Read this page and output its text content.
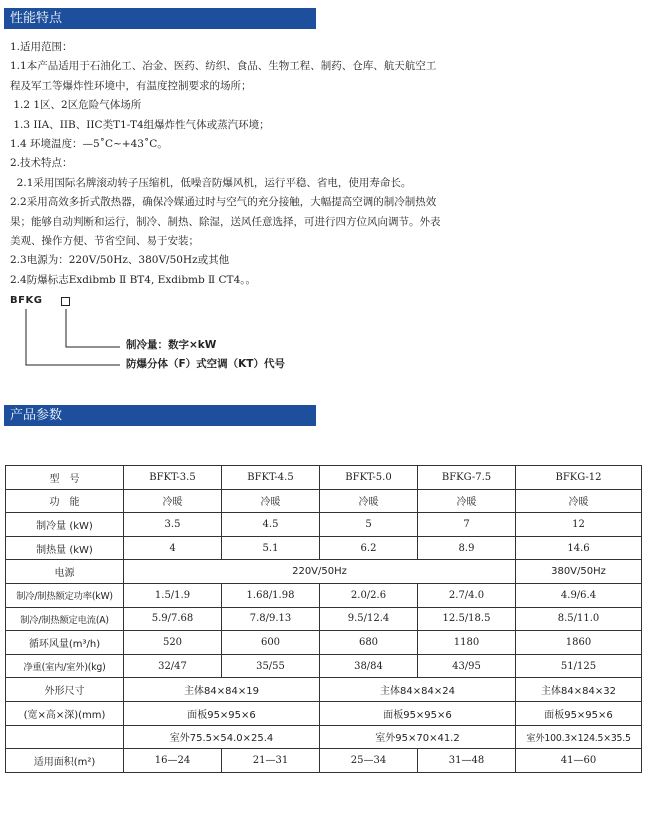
性能特点

1.适用范围：

1.1本产品适用于石油化工、冶金、医药、纺织、食品、生物工程、制药、仓库、航天航空工

程及军工等爆炸性环境中，有温度控制要求的场所；

1.2 1区、2区危险气体场所

1.3 IIA、IIB、IIC类T1-T4组爆炸性气体或蒸汽环境；

1.4 环境温度：—5˚C~+43˚C。

2.技术特点：

2.1采用国际名牌滚动转子压缩机，低噪音防爆风机，运行平稳、省电，使用寿命长。

2.2采用高效多折式散热器，确保冷媒通过时与空气的充分接触，大幅提高空调的制冷制热效

果；能够自动判断和运行，制冷、制热、除湿，送风任意选择，可进行四方位风向调节。外表

美观、操作方便、节省空间、易于安装；

2.3电源为：220V/50Hz、380V/50Hz或其他

2.4防爆标志Exdibmb Ⅱ BT4, Exdibmb Ⅱ CT4。。

BFKG
制冷量：数字×kW
防爆分体（F）式空调（KT）代号
产品参数
型　号	BFKT-3.5	BFKT-4.5	BFKT-5.0	BFKG-7.5	BFKG-12
功　能	冷暖	冷暖	冷暖	冷暖	冷暖
制冷量 (kW)	3.5	4.5	5	7	12
制热量 (kW)	4	5.1	6.2	8.9	14.6
电源	220V/50Hz				380V/50Hz
制冷/制热额定功率(kW)	1.5/1.9	1.68/1.98	2.0/2.6	2.7/4.0	4.9/6.4
制冷/制热额定电流(A)	5.9/7.68	7.8/9.13	9.5/12.4	12.5/18.5	8.5/11.0
循环风量(m³/h)	520	600	680	1180	1860
净重(室内/室外)(kg)	32/47	35/55	38/84	43/95	51/125
外形尺寸	主体84×84×19		主体84×84×24		主体84×84×32
(宽×高×深)(mm)	面板95×95×6		面板95×95×6		面板95×95×6
	室外75.5×54.0×25.4		室外95×70×41.2		室外100.3×124.5×35.5
适用面积(m²)	16—24	21—31	25—34	31—48	41—60
